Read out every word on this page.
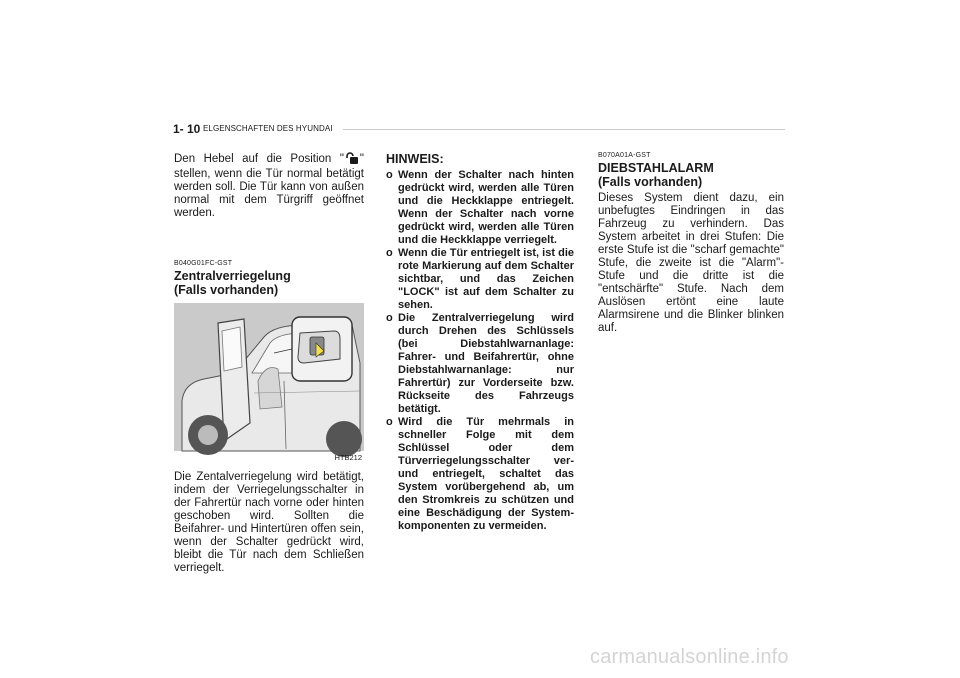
1- 10 ELGENSCHAFTEN DES HYUNDAI

Den Hebel auf die Position " " stellen, wenn die Tür normal betätigt werden soll. Die Tür kann von außen normal mit dem Türgriff geöffnet werden.

B040G01FC-GST
Zentralverriegelung
(Falls vorhanden)
HTB212

Die Zentalverriegelung wird betätigt, indem der Verriegelungsschalter in der Fahrertür nach vorne oder hinten geschoben wird. Sollten die Beifahrer- und Hintertüren offen sein, wenn der Schalter gedrückt wird, bleibt die Tür nach dem Schließen verriegelt.

HINWEIS:
o Wenn der Schalter nach hinten gedrückt wird, werden alle Türen und die Heckklappe entriegelt. Wenn der Schalter nach vorne gedrückt wird, werden alle Türen und die Heckklappe verriegelt.
o Wenn die Tür entriegelt ist, ist die rote Markierung auf dem Schalter sichtbar, und das Zeichen "LOCK" ist auf dem Schalter zu sehen.
o Die Zentralverriegelung wird durch Drehen des Schlüssels (bei Diebstahlwarnanlage: Fahrer- und Beifahrertür, ohne Diebstahlwarnanlage: nur Fahrertür) zur Vorderseite bzw. Rückseite des Fahrzeugs betätigt.
o Wird die Tür mehrmals in schneller Folge mit dem Schlüssel oder dem Türverriegelungsschalter ver- und entriegelt, schaltet das System vorübergehend ab, um den Stromkreis zu schützen und eine Beschädigung der System-komponenten zu vermeiden.
B070A01A-GST
DIEBSTAHLALARM
(Falls vorhanden)

Dieses System dient dazu, ein unbefugtes Eindringen in das Fahrzeug zu verhindern. Das System arbeitet in drei Stufen: Die erste Stufe ist die "scharf gemachte" Stufe, die zweite ist die "Alarm"-Stufe und die dritte ist die "entschärfte" Stufe. Nach dem Auslösen ertönt eine laute Alarmsirene und die Blinker blinken auf.

carmanualsonline.info
